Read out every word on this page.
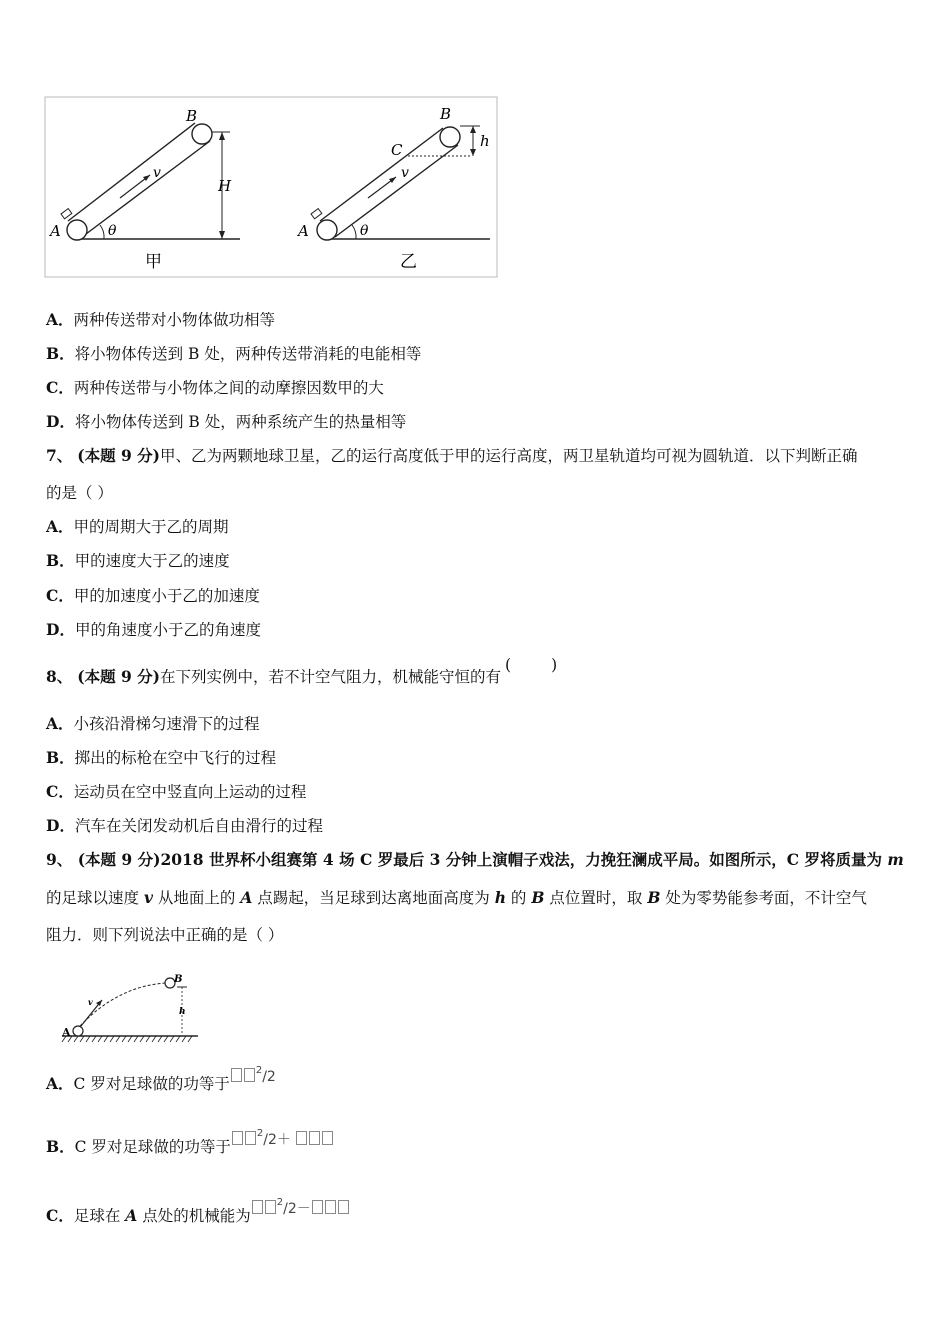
A
B
H
θ
v
甲
A
B
C	h
θ
v
乙
A．两种传送带对小物体做功相等
B．将小物体传送到 B 处，两种传送带消耗的电能相等
C．两种传送带与小物体之间的动摩擦因数甲的大
D．将小物体传送到 B 处，两种系统产生的热量相等
7、 (本题 9 分)甲、乙为两颗地球卫星，乙的运行高度低于甲的运行高度，两卫星轨道均可视为圆轨道．以下判断正确
的是（ ）
A．甲的周期大于乙的周期
B．甲的速度大于乙的速度
C．甲的加速度小于乙的加速度
D．甲的角速度小于乙的角速度
8、 (本题 9 分)在下列实例中，若不计空气阻力，机械能守恒的有(	)
A．小孩沿滑梯匀速滑下的过程
B．掷出的标枪在空中飞行的过程
C．运动员在空中竖直向上运动的过程
D．汽车在关闭发动机后自由滑行的过程
9、 (本题 9 分)2018 世界杯小组赛第 4 场 C 罗最后 3 分钟上演帽子戏法，力挽狂澜成平局。如图所示，C 罗将质量为 m
的足球以速度 v 从地面上的 A 点踢起，当足球到达离地面高度为 h 的 B 点位置时，取 B 处为零势能参考面，不计空气
阻力．则下列说法中正确的是（ ）
A
B
h
v
A．C 罗对足球做的功等于$^2$/2
B．C 罗对足球做的功等于$^2$/2＋
C．足球在 A 点处的机械能为$^2$/2－
